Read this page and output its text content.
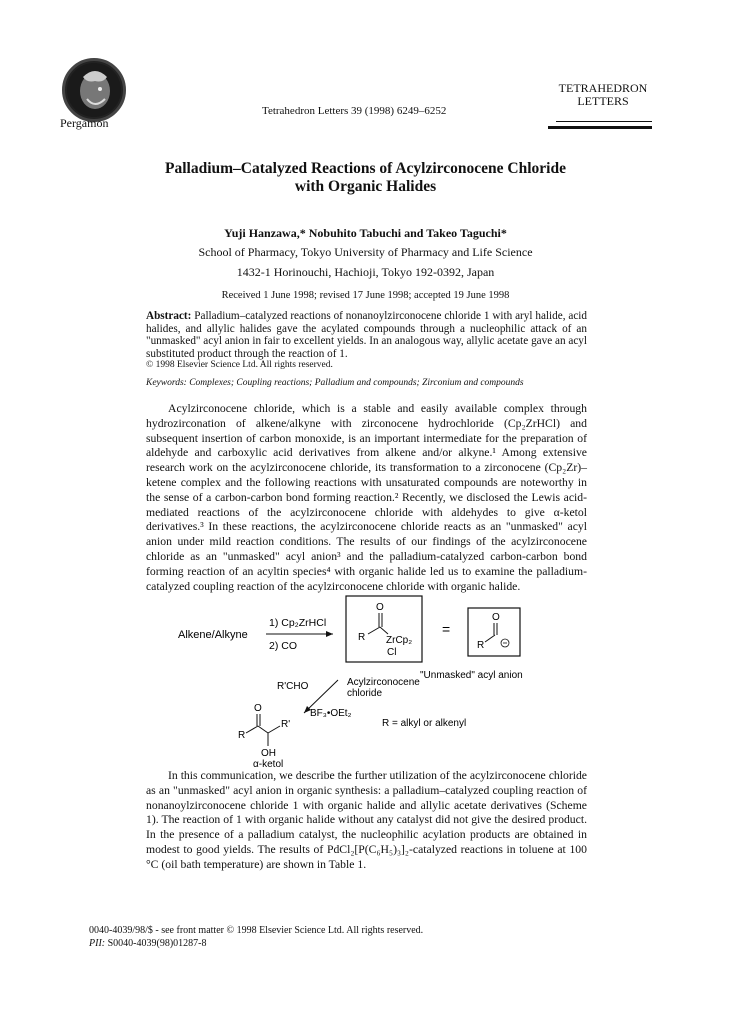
Pergamon
Tetrahedron Letters 39 (1998) 6249–6252
TETRAHEDRON
LETTERS
Palladium–Catalyzed Reactions of Acylzirconocene Chloride
with Organic Halides
Yuji Hanzawa,* Nobuhito Tabuchi and Takeo Taguchi*
School of Pharmacy, Tokyo University of Pharmacy and Life Science
1432-1 Horinouchi, Hachioji, Tokyo 192-0392, Japan
Received 1 June 1998; revised 17 June 1998; accepted 19 June 1998
Abstract: Palladium–catalyzed reactions of nonanoylzirconocene chloride 1 with aryl halide, acid halides, and allylic halides gave the acylated compounds through a nucleophilic attack of an "unmasked" acyl anion in fair to excellent yields. In an analogous way, allylic acetate gave an acyl substituted product through the reaction of 1.
© 1998 Elsevier Science Ltd. All rights reserved.
Keywords: Complexes; Coupling reactions; Palladium and compounds; Zirconium and compounds

Acylzirconocene chloride, which is a stable and easily available complex through hydrozirconation of alkene/alkyne with zirconocene hydrochloride (Cp₂ZrHCl) and subsequent insertion of carbon monoxide, is an important intermediate for the preparation of aldehyde and carboxylic acid derivatives from alkene and/or alkyne.¹ Among extensive research work on the acylzirconocene chloride, its transformation to a zirconocene (Cp₂Zr)–ketene complex and the following reactions with unsaturated compounds are noteworthy in the sense of a carbon-carbon bond forming reaction.² Recently, we disclosed the Lewis acid-mediated reactions of the acylzirconocene chloride with aldehydes to give α-ketol derivatives.³ In these reactions, the acylzirconocene chloride reacts as an "unmasked" acyl anion under mild reaction conditions. The results of our findings of the acylzirconocene chloride as an "unmasked" acyl anion³ and the palladium-catalyzed carbon-carbon bond forming reaction of an acyltin species⁴ with organic halide led us to examine the palladium-catalyzed coupling reaction of the acylzirconocene chloride with organic halide.

Alkene/Alkyne
1) Cp₂ZrHCl
2) CO
O
R ZrCp₂
Cl
=
O
R
"Unmasked" acyl anion
Acylzirconocene
chloride
R'CHO
BF₃•OEt₂
R = alkyl or alkenyl
O
R
R'
OH
α-ketol

In this communication, we describe the further utilization of the acylzirconocene chloride as an "unmasked" acyl anion in organic synthesis: a palladium–catalyzed coupling reaction of nonanoylzirconocene chloride 1 with organic halide and allylic acetate derivatives (Scheme 1). The reaction of 1 with organic halide without any catalyst did not give the desired product. In the presence of a palladium catalyst, the nucleophilic acylation products are obtained in modest to good yields. The results of PdCl₂[P(C₆H₅)₃]₂-catalyzed reactions in toluene at 100 °C (oil bath temperature) are shown in Table 1.

0040-4039/98/$ - see front matter © 1998 Elsevier Science Ltd. All rights reserved.
PII: S0040-4039(98)01287-8
